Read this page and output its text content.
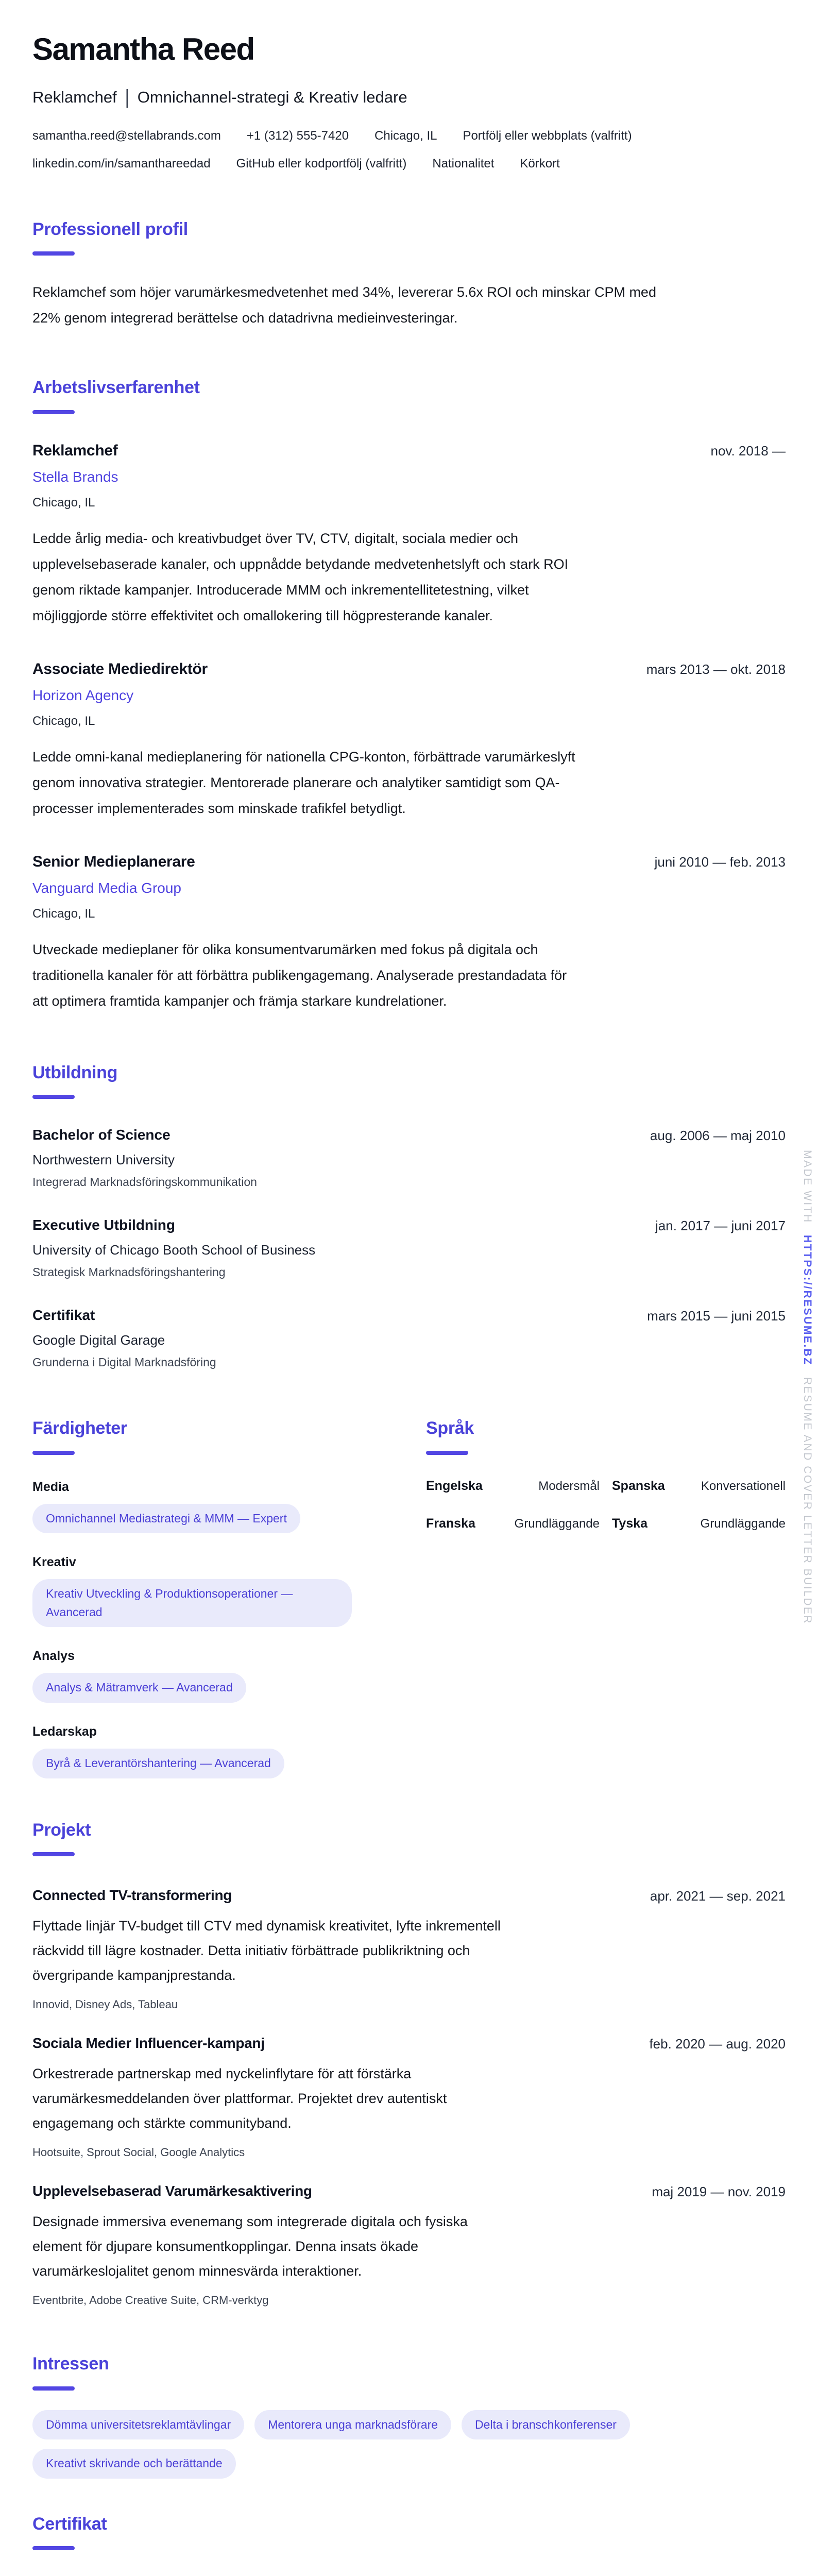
Samantha Reed
Reklamchef | Omnichannel-strategi & Kreativ ledare
samantha.reed@stellabrands.com +1 (312) 555-7420 Chicago, IL Portfölj eller webbplats (valfritt)
linkedin.com/in/samanthareedad GitHub eller kodportfölj (valfritt) Nationalitet Körkort
Professionell profil

Reklamchef som höjer varumärkesmedvetenhet med 34%, levererar 5.6x ROI och minskar CPM med 22% genom integrerad berättelse och datadrivna medieinvesteringar.

Arbetslivserfarenhet
Reklamchef	nov. 2018 —
Stella Brands
Chicago, IL

Ledde årlig media- och kreativbudget över TV, CTV, digitalt, sociala medier och upplevelsebaserade kanaler, och uppnådde betydande medvetenhetslyft och stark ROI genom riktade kampanjer. Introducerade MMM och inkrementellitetestning, vilket möjliggjorde större effektivitet och omallokering till högpresterande kanaler.

Associate Mediedirektör	mars 2013 — okt. 2018
Horizon Agency
Chicago, IL

Ledde omni-kanal medieplanering för nationella CPG-konton, förbättrade varumärkeslyft genom innovativa strategier. Mentorerade planerare och analytiker samtidigt som QA-processer implementerades som minskade trafikfel betydligt.

Senior Medieplanerare	juni 2010 — feb. 2013
Vanguard Media Group
Chicago, IL

Utveckade medieplaner för olika konsumentvarumärken med fokus på digitala och traditionella kanaler för att förbättra publikengagemang. Analyserade prestandadata för att optimera framtida kampanjer och främja starkare kundrelationer.

Utbildning
Bachelor of Science	aug. 2006 — maj 2010
Northwestern University
Integrerad Marknadsföringskommunikation
Executive Utbildning	jan. 2017 — juni 2017
University of Chicago Booth School of Business
Strategisk Marknadsföringshantering
Certifikat	mars 2015 — juni 2015
Google Digital Garage
Grunderna i Digital Marknadsföring
Färdigheter
Media
Omnichannel Mediastrategi & MMM — Expert
Kreativ
Kreativ Utveckling & Produktionsoperationer — Avancerad
Analys
Analys & Mätramverk — Avancerad
Ledarskap
Byrå & Leverantörshantering — Avancerad
Språk
Engelska	Modersmål Spanska	Konversationell
Franska	Grundläggande Tyska	Grundläggande
Projekt
Connected TV-transformering	apr. 2021 — sep. 2021

Flyttade linjär TV-budget till CTV med dynamisk kreativitet, lyfte inkrementell räckvidd till lägre kostnader. Detta initiativ förbättrade publikriktning och övergripande kampanjprestanda.

Innovid, Disney Ads, Tableau
Sociala Medier Influencer-kampanj	feb. 2020 — aug. 2020

Orkestrerade partnerskap med nyckelinflytare för att förstärka varumärkesmeddelanden över plattformar. Projektet drev autentiskt engagemang och stärkte communityband.

Hootsuite, Sprout Social, Google Analytics
Upplevelsebaserad Varumärkesaktivering	maj 2019 — nov. 2019

Designade immersiva evenemang som integrerade digitala och fysiska element för djupare konsumentkopplingar. Denna insats ökade varumärkeslojalitet genom minnesvärda interaktioner.

Eventbrite, Adobe Creative Suite, CRM-verktyg
Intressen
Dömma universitetsreklamtävlingar	Mentorera unga marknadsförare	Delta i branschkonferenser
Kreativt skrivande och berättande
Certifikat
MADE WITH HTTPS://RESUME.BZ RESUME AND COVER LETTER BUILDER
